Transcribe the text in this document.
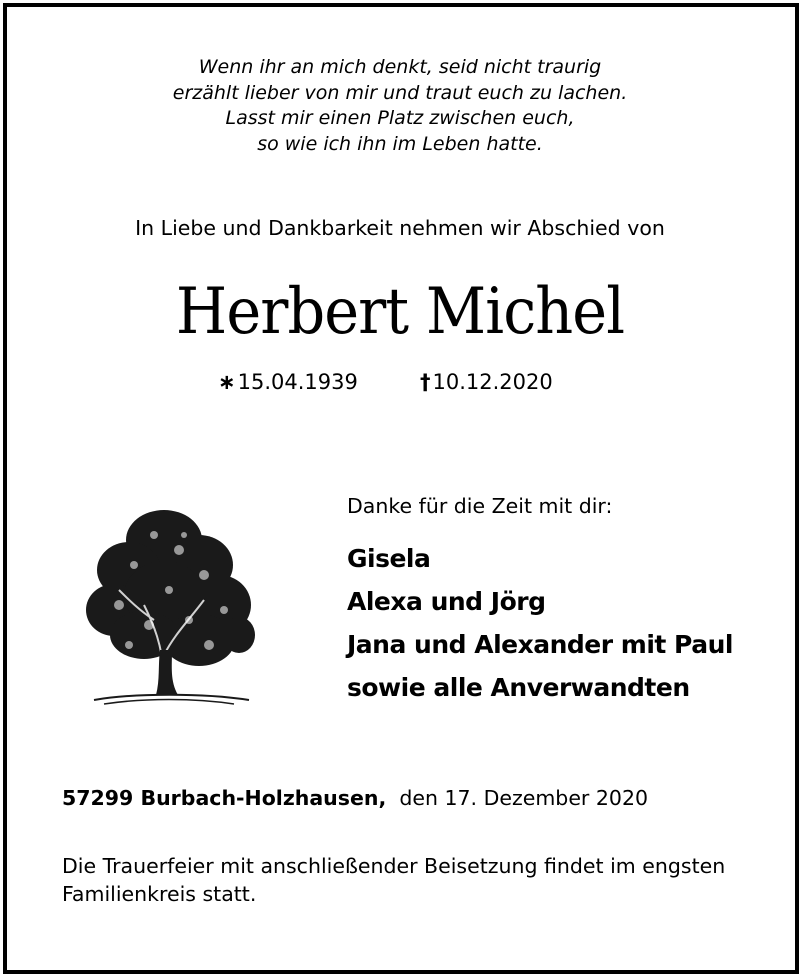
Wenn ihr an mich denkt, seid nicht traurig
erzählt lieber von mir und traut euch zu lachen.
Lasst mir einen Platz zwischen euch,
so wie ich ihn im Leben hatte.
In Liebe und Dankbarkeit nehmen wir Abschied von
Herbert Michel
∗15.04.1939	†10.12.2020
Danke für die Zeit mit dir:
Gisela
Alexa und Jörg
Jana und Alexander mit Paul
sowie alle Anverwandten
57299 Burbach-Holzhausen, den 17. Dezember 2020
Die Trauerfeier mit anschließender Beisetzung findet im engsten Familienkreis statt.
